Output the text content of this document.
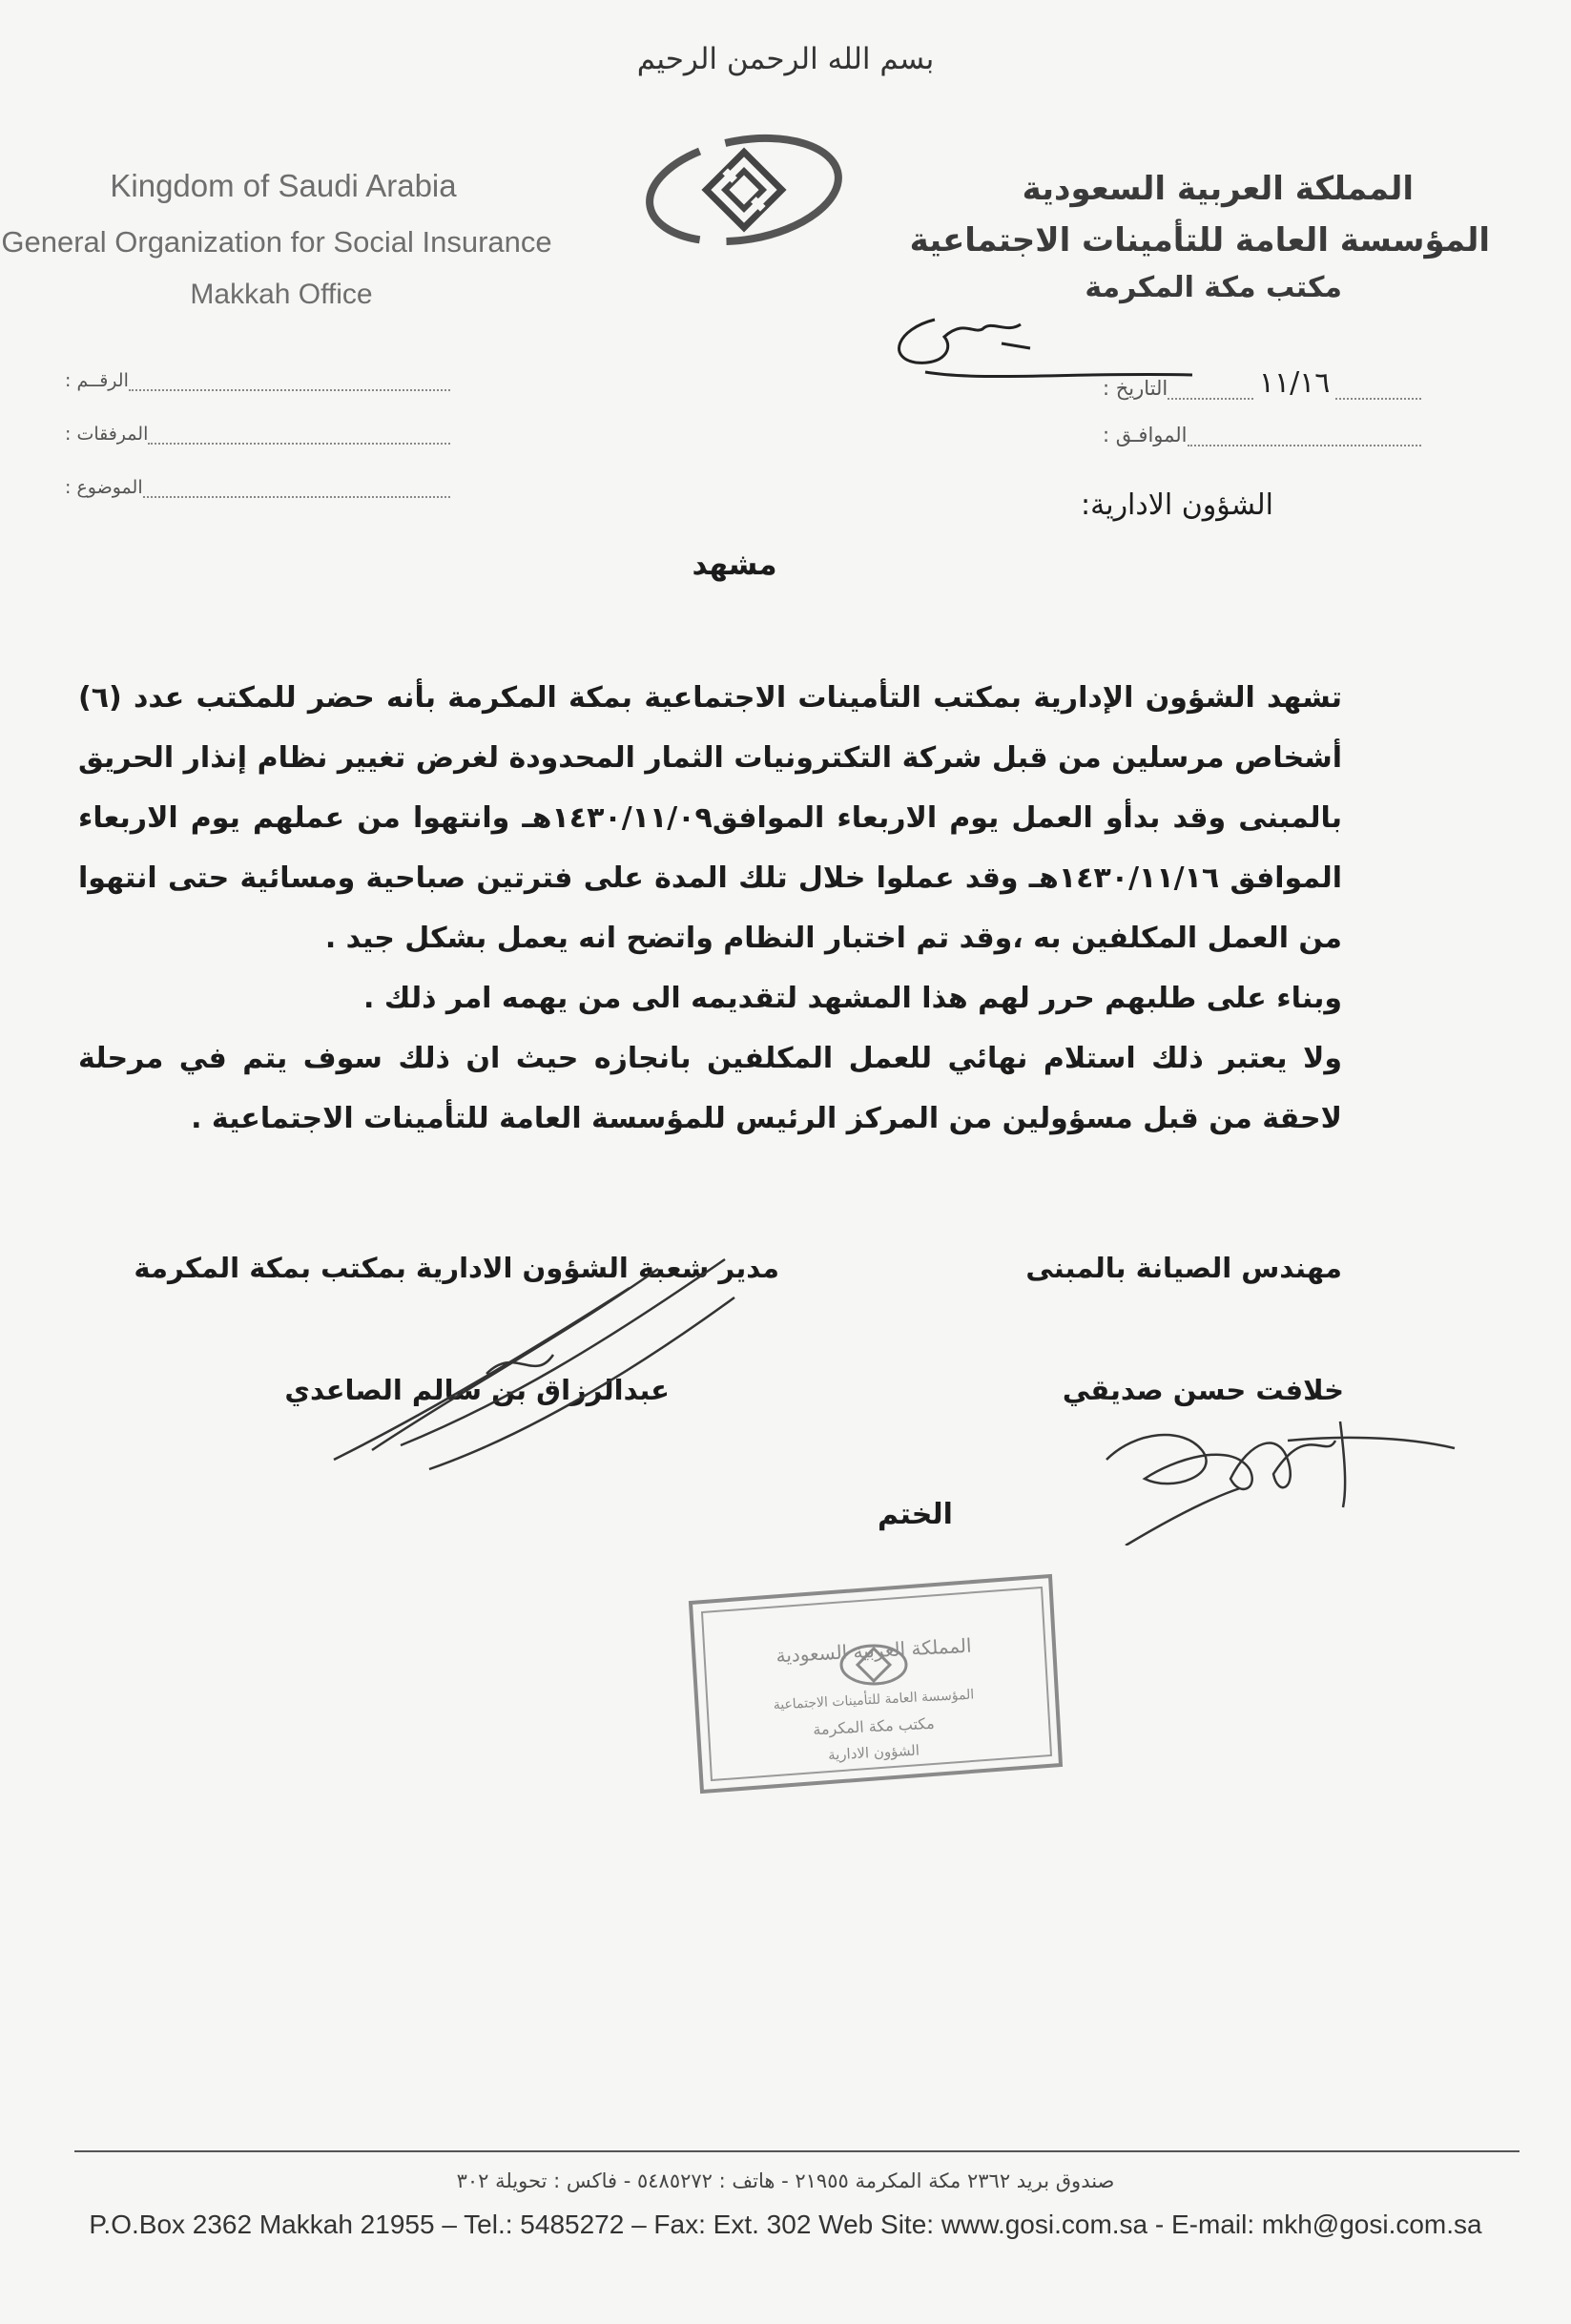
بسم الله الرحمن الرحيم
Kingdom of Saudi Arabia
General Organization for Social Insurance
Makkah Office
المملكة العربية السعودية
المؤسسة العامة للتأمينات الاجتماعية
مكتب مكة المكرمة
الرقــم :
المرفقات :
الموضوع :
التاريخ :	١١/١٦
الموافـق :
الشؤون الادارية:
مشهد

تشهد الشؤون الإدارية بمكتب التأمينات الاجتماعية بمكة المكرمة بأنه حضر للمكتب عدد (٦) أشخاص مرسلين من قبل شركة التكترونيات الثمار المحدودة لغرض تغيير نظام إنذار الحريق بالمبنى وقد بدأو العمل يوم الاربعاء الموافق١٤٣٠/١١/٠٩هـ وانتهوا من عملهم يوم الاربعاء الموافق ١٤٣٠/١١/١٦هـ وقد عملوا خلال تلك المدة على فترتين صباحية ومسائية حتى انتهوا من العمل المكلفين به ،وقد تم اختبار النظام واتضح انه يعمل بشكل جيد .

وبناء على طلبهم حرر لهم هذا المشهد لتقديمه الى من يهمه امر ذلك .

ولا يعتبر ذلك استلام نهائي للعمل المكلفين بانجازه حيث ان ذلك سوف يتم في مرحلة لاحقة من قبل مسؤولين من المركز الرئيس للمؤسسة العامة للتأمينات الاجتماعية .

مهندس الصيانة بالمبنى
مدير شعبة الشؤون الادارية بمكتب بمكة المكرمة
خلافت حسن صديقي
عبدالرزاق بن سالم الصاعدي
الختم
المملكة العربية السعودية
المؤسسة العامة للتأمينات الاجتماعية
مكتب مكة المكرمة
الشؤون الادارية
صندوق بريد ٢٣٦٢ مكة المكرمة ٢١٩٥٥ - هاتف : ٥٤٨٥٢٧٢ - فاكس : تحويلة ٣٠٢
P.O.Box 2362 Makkah 21955 – Tel.: 5485272 – Fax: Ext. 302 Web Site: www.gosi.com.sa - E-mail: mkh@gosi.com.sa
